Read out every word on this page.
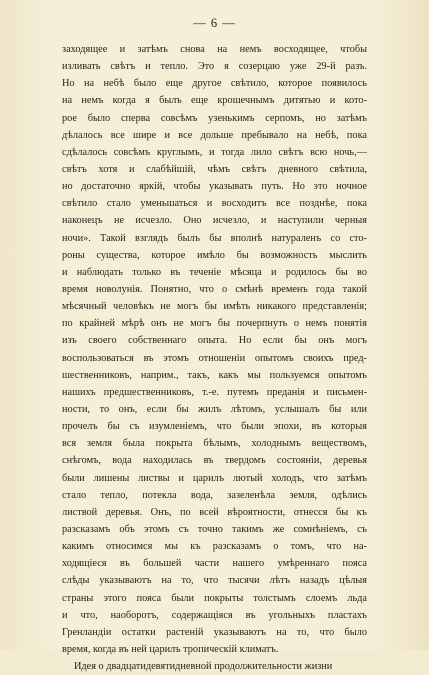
— 6 —
заходящее и затѣмъ снова на немъ восходящее, чтобы
изливать свѣтъ и тепло. Это я созерцаю уже 29-й разъ.
Но на небѣ было еще другое свѣтило, которое появилось
на немъ когда я былъ еще крошечнымъ дитятью и кото-
рое было сперва совсѣмъ узенькимъ серпомъ, но затѣмъ
дѣлалось все шире и все дольше пребывало на небѣ, пока
сдѣлалось совсѣмъ круглымъ, и тогда лило свѣтъ всю ночь,—
свѣтъ хотя и слабѣйшій, чѣмъ свѣтъ дневного свѣтила,
но достаточно яркій, чтобы указывать путь. Но это ночное
свѣтило стало уменьшаться и восходитъ все позднѣе, пока
наконецъ не исчезло. Оно исчезло, и наступили черныя
ночи». Такой взглядъ былъ бы вполнѣ натураленъ со сто-
роны существа, которое имѣло бы возможность мыслить
и наблюдать только въ теченіе мѣсяца и родилось бы во
время новолунія. Понятно, что о смѣнѣ временъ года такой
мѣсячный человѣкъ не могъ бы имѣть никакого представленія;
по крайней мѣрѣ онъ не могъ бы почерпнуть о немъ понятія
изъ своего собственнаго опыта. Но если бы онъ могъ
воспользоваться въ этомъ отношеніи опытомъ своихъ пред-
шественниковъ, наприм., такъ, какъ мы пользуемся опытомъ
нашихъ предшественниковъ, т.-е. путемъ преданія и письмен-
ности, то онъ, если бы жилъ лѣтомъ, услышалъ бы или
прочелъ бы съ изумленіемъ, что были эпохи, въ которыя
вся земля была покрыта бѣлымъ, холоднымъ веществомъ,
снѣгомъ, вода находилась въ твердомъ состояніи, деревья
были лишены листвы и царилъ лютый холодъ, что затѣмъ
стало тепло, потекла вода, зазеленѣла земля, одѣлись
листвой деревья. Онъ, по всей вѣроятности, отнесся бы къ
разсказамъ объ этомъ съ точно такимъ же сомнѣніемъ, съ
какимъ относимся мы къ разсказамъ о томъ, что на-
ходящіеся въ большей части нашего умѣреннаго пояса
слѣды указываютъ на то, что тысячи лѣтъ назадъ цѣлыя
страны этого пояса были покрыты толстымъ слоемъ льда
и что, наоборотъ, содержащіяся въ угольныхъ пластахъ
Гренландіи остатки растеній указываютъ на то, что было
время, когда въ ней царилъ тропическій климатъ.
Идея о двадцатидевятидневной продолжительности жизни
